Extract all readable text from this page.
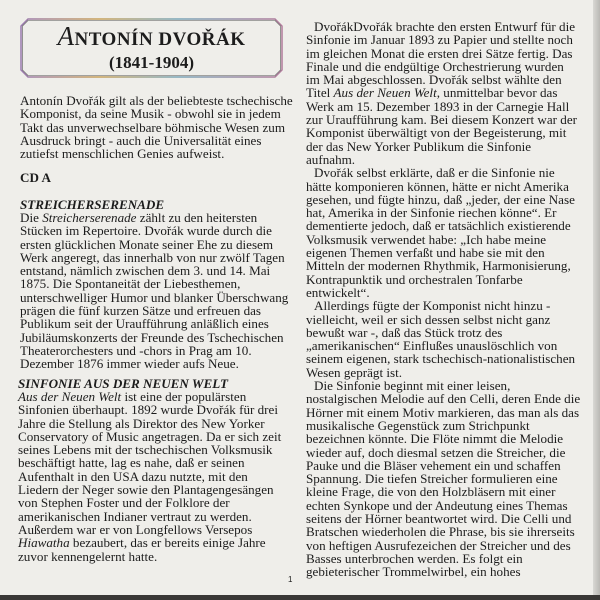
ANTONÍN DVOŘÁK
(1841-1904)
Antonín Dvořák gilt als der beliebteste tschechische
Komponist, da seine Musik - obwohl sie in jedem
Takt das unverwechselbare böhmische Wesen zum
Ausdruck bringt - auch die Universalität eines
zutiefst menschlichen Genies aufweist.
CD A
STREICHERSERENADE
Die Streicherserenade zählt zu den heitersten
Stücken im Repertoire. Dvořák wurde durch die
ersten glücklichen Monate seiner Ehe zu diesem
Werk angeregt, das innerhalb von nur zwölf Tagen
entstand, nämlich zwischen dem 3. und 14. Mai
1875. Die Spontaneität der Liebesthemen,
unterschwelliger Humor und blanker Überschwang
prägen die fünf kurzen Sätze und erfreuen das
Publikum seit der Uraufführung anläßlich eines
Jubiläumskonzerts der Freunde des Tschechischen
Theaterorchesters und -chors in Prag am 10.
Dezember 1876 immer wieder aufs Neue.
SINFONIE AUS DER NEUEN WELT
Aus der Neuen Welt ist eine der populärsten
Sinfonien überhaupt. 1892 wurde Dvořák für drei
Jahre die Stellung als Direktor des New Yorker
Conservatory of Music angetragen. Da er sich zeit
seines Lebens mit der tschechischen Volksmusik
beschäftigt hatte, lag es nahe, daß er seinen
Aufenthalt in den USA dazu nutzte, mit den
Liedern der Neger sowie den Plantagengesängen
von Stephen Foster und der Folklore der
amerikanischen Indianer vertraut zu werden.
Außerdem war er von Longfellows Versepos
Hiawatha bezaubert, das er bereits einige Jahre
zuvor kennengelernt hatte.
DvořákDvořák brachte den ersten Entwurf für die
Sinfonie im Januar 1893 zu Papier und stellte noch
im gleichen Monat die ersten drei Sätze fertig. Das
Finale und die endgültige Orchestrierung wurden
im Mai abgeschlossen. Dvořák selbst wählte den
Titel Aus der Neuen Welt, unmittelbar bevor das
Werk am 15. Dezember 1893 in der Carnegie Hall
zur Uraufführung kam. Bei diesem Konzert war der
Komponist überwältigt von der Begeisterung, mit
der das New Yorker Publikum die Sinfonie
aufnahm.
Dvořák selbst erklärte, daß er die Sinfonie nie
hätte komponieren können, hätte er nicht Amerika
gesehen, und fügte hinzu, daß „jeder, der eine Nase
hat, Amerika in der Sinfonie riechen könne“. Er
dementierte jedoch, daß er tatsächlich existierende
Volksmusik verwendet habe: „Ich habe meine
eigenen Themen verfaßt und habe sie mit den
Mitteln der modernen Rhythmik, Harmonisierung,
Kontrapunktik und orchestralen Tonfarbe
entwickelt“.
Allerdings fügte der Komponist nicht hinzu -
vielleicht, weil er sich dessen selbst nicht ganz
bewußt war -, daß das Stück trotz des
„amerikanischen“ Einflußes unauslöschlich von
seinem eigenen, stark tschechisch-nationalistischen
Wesen geprägt ist.
Die Sinfonie beginnt mit einer leisen,
nostalgischen Melodie auf den Celli, deren Ende die
Hörner mit einem Motiv markieren, das man als das
musikalische Gegenstück zum Strichpunkt
bezeichnen könnte. Die Flöte nimmt die Melodie
wieder auf, doch diesmal setzen die Streicher, die
Pauke und die Bläser vehement ein und schaffen
Spannung. Die tiefen Streicher formulieren eine
kleine Frage, die von den Holzbläsern mit einer
echten Synkope und der Andeutung eines Themas
seitens der Hörner beantwortet wird. Die Celli und
Bratschen wiederholen die Phrase, bis sie ihrerseits
von heftigen Ausrufezeichen der Streicher und des
Basses unterbrochen werden. Es folgt ein
gebieterischer Trommelwirbel, ein hohes
1
